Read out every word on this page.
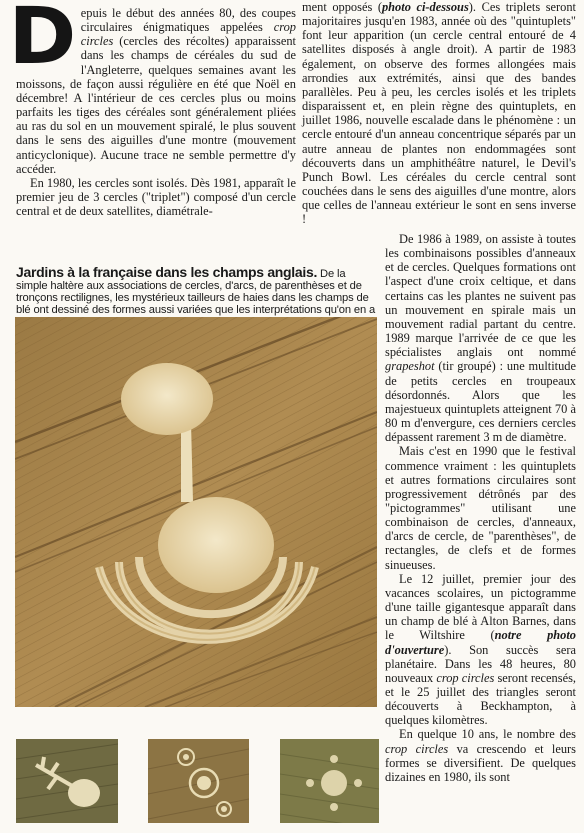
Depuis le début des années 80, des coupes circulaires énigmatiques appelées crop circles (cercles des récoltes) apparaissent dans les champs de céréales du sud de l'Angleterre, quelques semaines avant les moissons, de façon aussi régulière en été que Noël en décembre! A l'intérieur de ces cercles plus ou moins parfaits les tiges des céréales sont généralement pliées au ras du sol en un mouvement spiralé, le plus souvent dans le sens des aiguilles d'une montre (mouvement anticyclonique). Aucune trace ne semble permettre d'y accéder.

En 1980, les cercles sont isolés. Dès 1981, apparaît le premier jeu de 3 cercles ("triplet") composé d'un cercle central et de deux satellites, diamétrale-

ment opposés (photo ci-dessous). Ces triplets seront majoritaires jusqu'en 1983, année où des "quintuplets" font leur apparition (un cercle central entouré de 4 satellites disposés à angle droit). A partir de 1983 également, on observe des formes allongées mais arrondies aux extrémités, ainsi que des bandes parallèles. Peu à peu, les cercles isolés et les triplets disparaissent et, en plein règne des quintuplets, en juillet 1986, nouvelle escalade dans le phénomène : un cercle entouré d'un anneau concentrique séparés par un autre anneau de plantes non endommagées sont découverts dans un amphithéâtre naturel, le Devil's Punch Bowl. Les céréales du cercle central sont couchées dans le sens des aiguilles d'une montre, alors que celles de l'anneau extérieur le sont en sens inverse !

De 1986 à 1989, on assiste à toutes les combinaisons possibles d'anneaux et de cercles. Quelques formations ont l'aspect d'une croix celtique, et dans certains cas les plantes ne suivent pas un mouvement en spirale mais un mouvement radial partant du centre. 1989 marque l'arrivée de ce que les spécialistes anglais ont nommé grapeshot (tir groupé) : une multitude de petits cercles en troupeaux désordonnés. Alors que les majestueux quintuplets atteignent 70 à 80 m d'envergure, ces derniers cercles dépassent rarement 3 m de diamètre.

Mais c'est en 1990 que le festival commence vraiment : les quintuplets et autres formations circulaires sont progressivement détrônés par des "pictogrammes" utilisant une combinaison de cercles, d'anneaux, d'arcs de cercle, de "parenthèses", de rectangles, de clefs et de formes sinueuses.

Le 12 juillet, premier jour des vacances scolaires, un pictogramme d'une taille gigantesque apparaît dans un champ de blé à Alton Barnes, dans le Wiltshire (notre photo d'ouverture). Son succès sera planétaire. Dans les 48 heures, 80 nouveaux crop circles seront recensés, et le 25 juillet des triangles seront découverts à Beckhampton, à quelques kilomètres.

En quelque 10 ans, le nombre des crop circles va crescendo et leurs formes se diversifient. De quelques dizaines en 1980, ils sont

Jardins à la française dans les champs anglais. De la simple haltère aux associations de cercles, d'arcs, de parenthèses et de tronçons rectilignes, les mystérieux tailleurs de haies dans les champs de blé ont dessiné des formes aussi variées que les interprétations qu'on en a
